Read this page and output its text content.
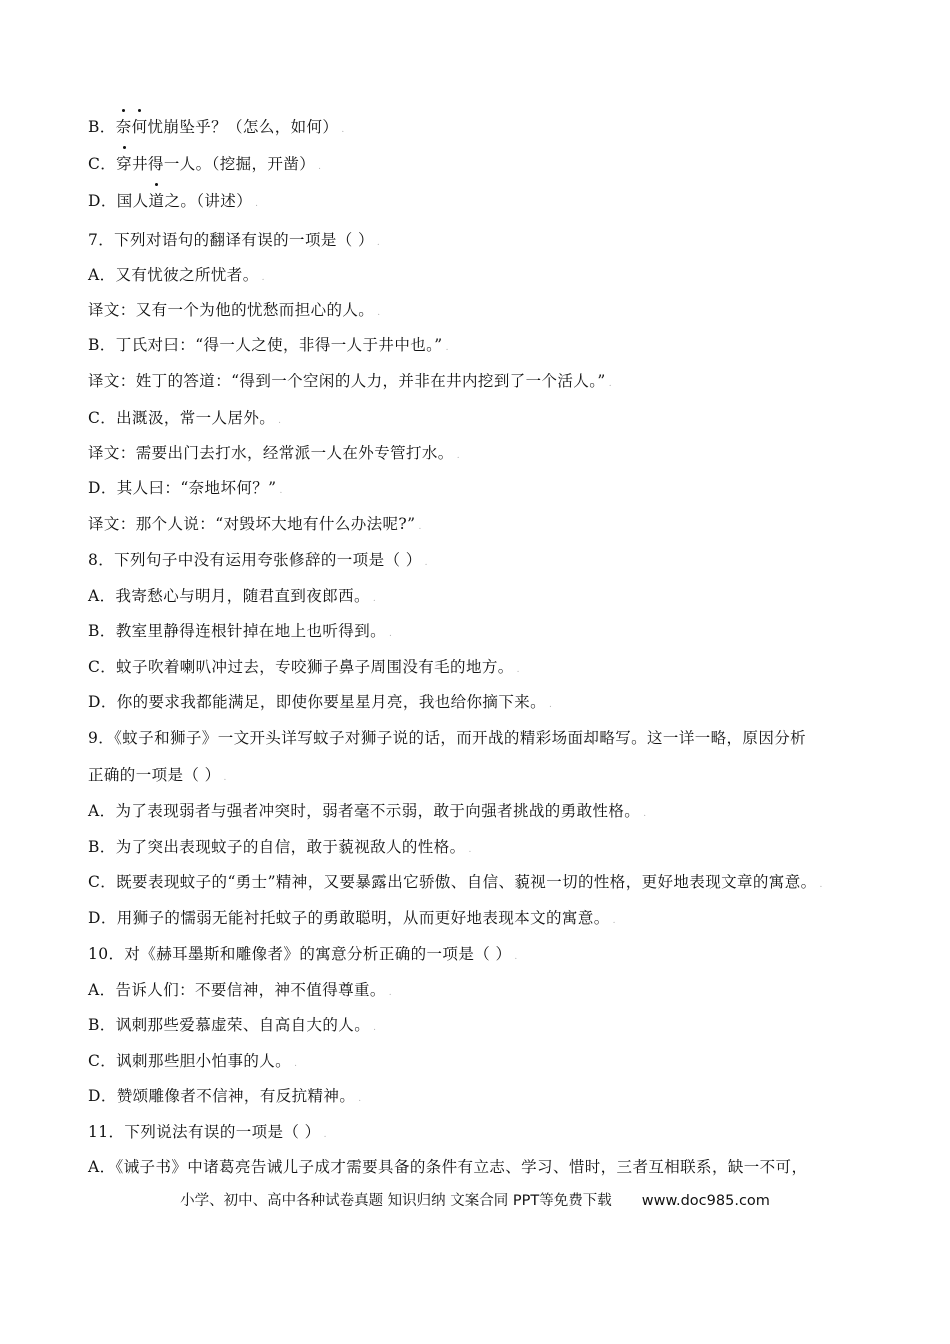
B．奈何忧崩坠乎？（怎么，如何） .
C．穿井得一人。（挖掘，开凿） .
D．国人道之。（讲述） .
7．下列对语句的翻译有误的一项是（ ） .
A．又有忧彼之所忧者。 .
译文：又有一个为他的忧愁而担心的人。 .
B．丁氏对曰：“得一人之使，非得一人于井中也。” .
译文：姓丁的答道：“得到一个空闲的人力，并非在井内挖到了一个活人。” .
C．出溉汲，常一人居外。 .
译文：需要出门去打水，经常派一人在外专管打水。 .
D．其人曰：“奈地坏何？” .
译文：那个人说：“对毁坏大地有什么办法呢?” .
8．下列句子中没有运用夸张修辞的一项是（ ） .
A．我寄愁心与明月，随君直到夜郎西。 .
B．教室里静得连根针掉在地上也听得到。 .
C．蚊子吹着喇叭冲过去，专咬狮子鼻子周围没有毛的地方。 .
D．你的要求我都能满足，即使你要星星月亮，我也给你摘下来。 .
9．《蚊子和狮子》一文开头详写蚊子对狮子说的话，而开战的精彩场面却略写。这一详一略，原因分析
正确的一项是（ ） .
A．为了表现弱者与强者冲突时，弱者毫不示弱，敢于向强者挑战的勇敢性格。 .
B．为了突出表现蚊子的自信，敢于藐视敌人的性格。 .
C．既要表现蚊子的“勇士”精神，又要暴露出它骄傲、自信、藐视一切的性格，更好地表现文章的寓意。 .
D．用狮子的懦弱无能衬托蚊子的勇敢聪明，从而更好地表现本文的寓意。 .
10．对《赫耳墨斯和雕像者》的寓意分析正确的一项是（ ） .
A．告诉人们：不要信神，神不值得尊重。 .
B．讽刺那些爱慕虚荣、自高自大的人。 .
C．讽刺那些胆小怕事的人。 .
D．赞颂雕像者不信神，有反抗精神。 .
11．下列说法有误的一项是（ ） .
A．《诫子书》中诸葛亮告诫儿子成才需要具备的条件有立志、学习、惜时，三者互相联系，缺一不可，
小学、初中、高中各种试卷真题 知识归纳 文案合同 PPT等免费下载 www.doc985.com
